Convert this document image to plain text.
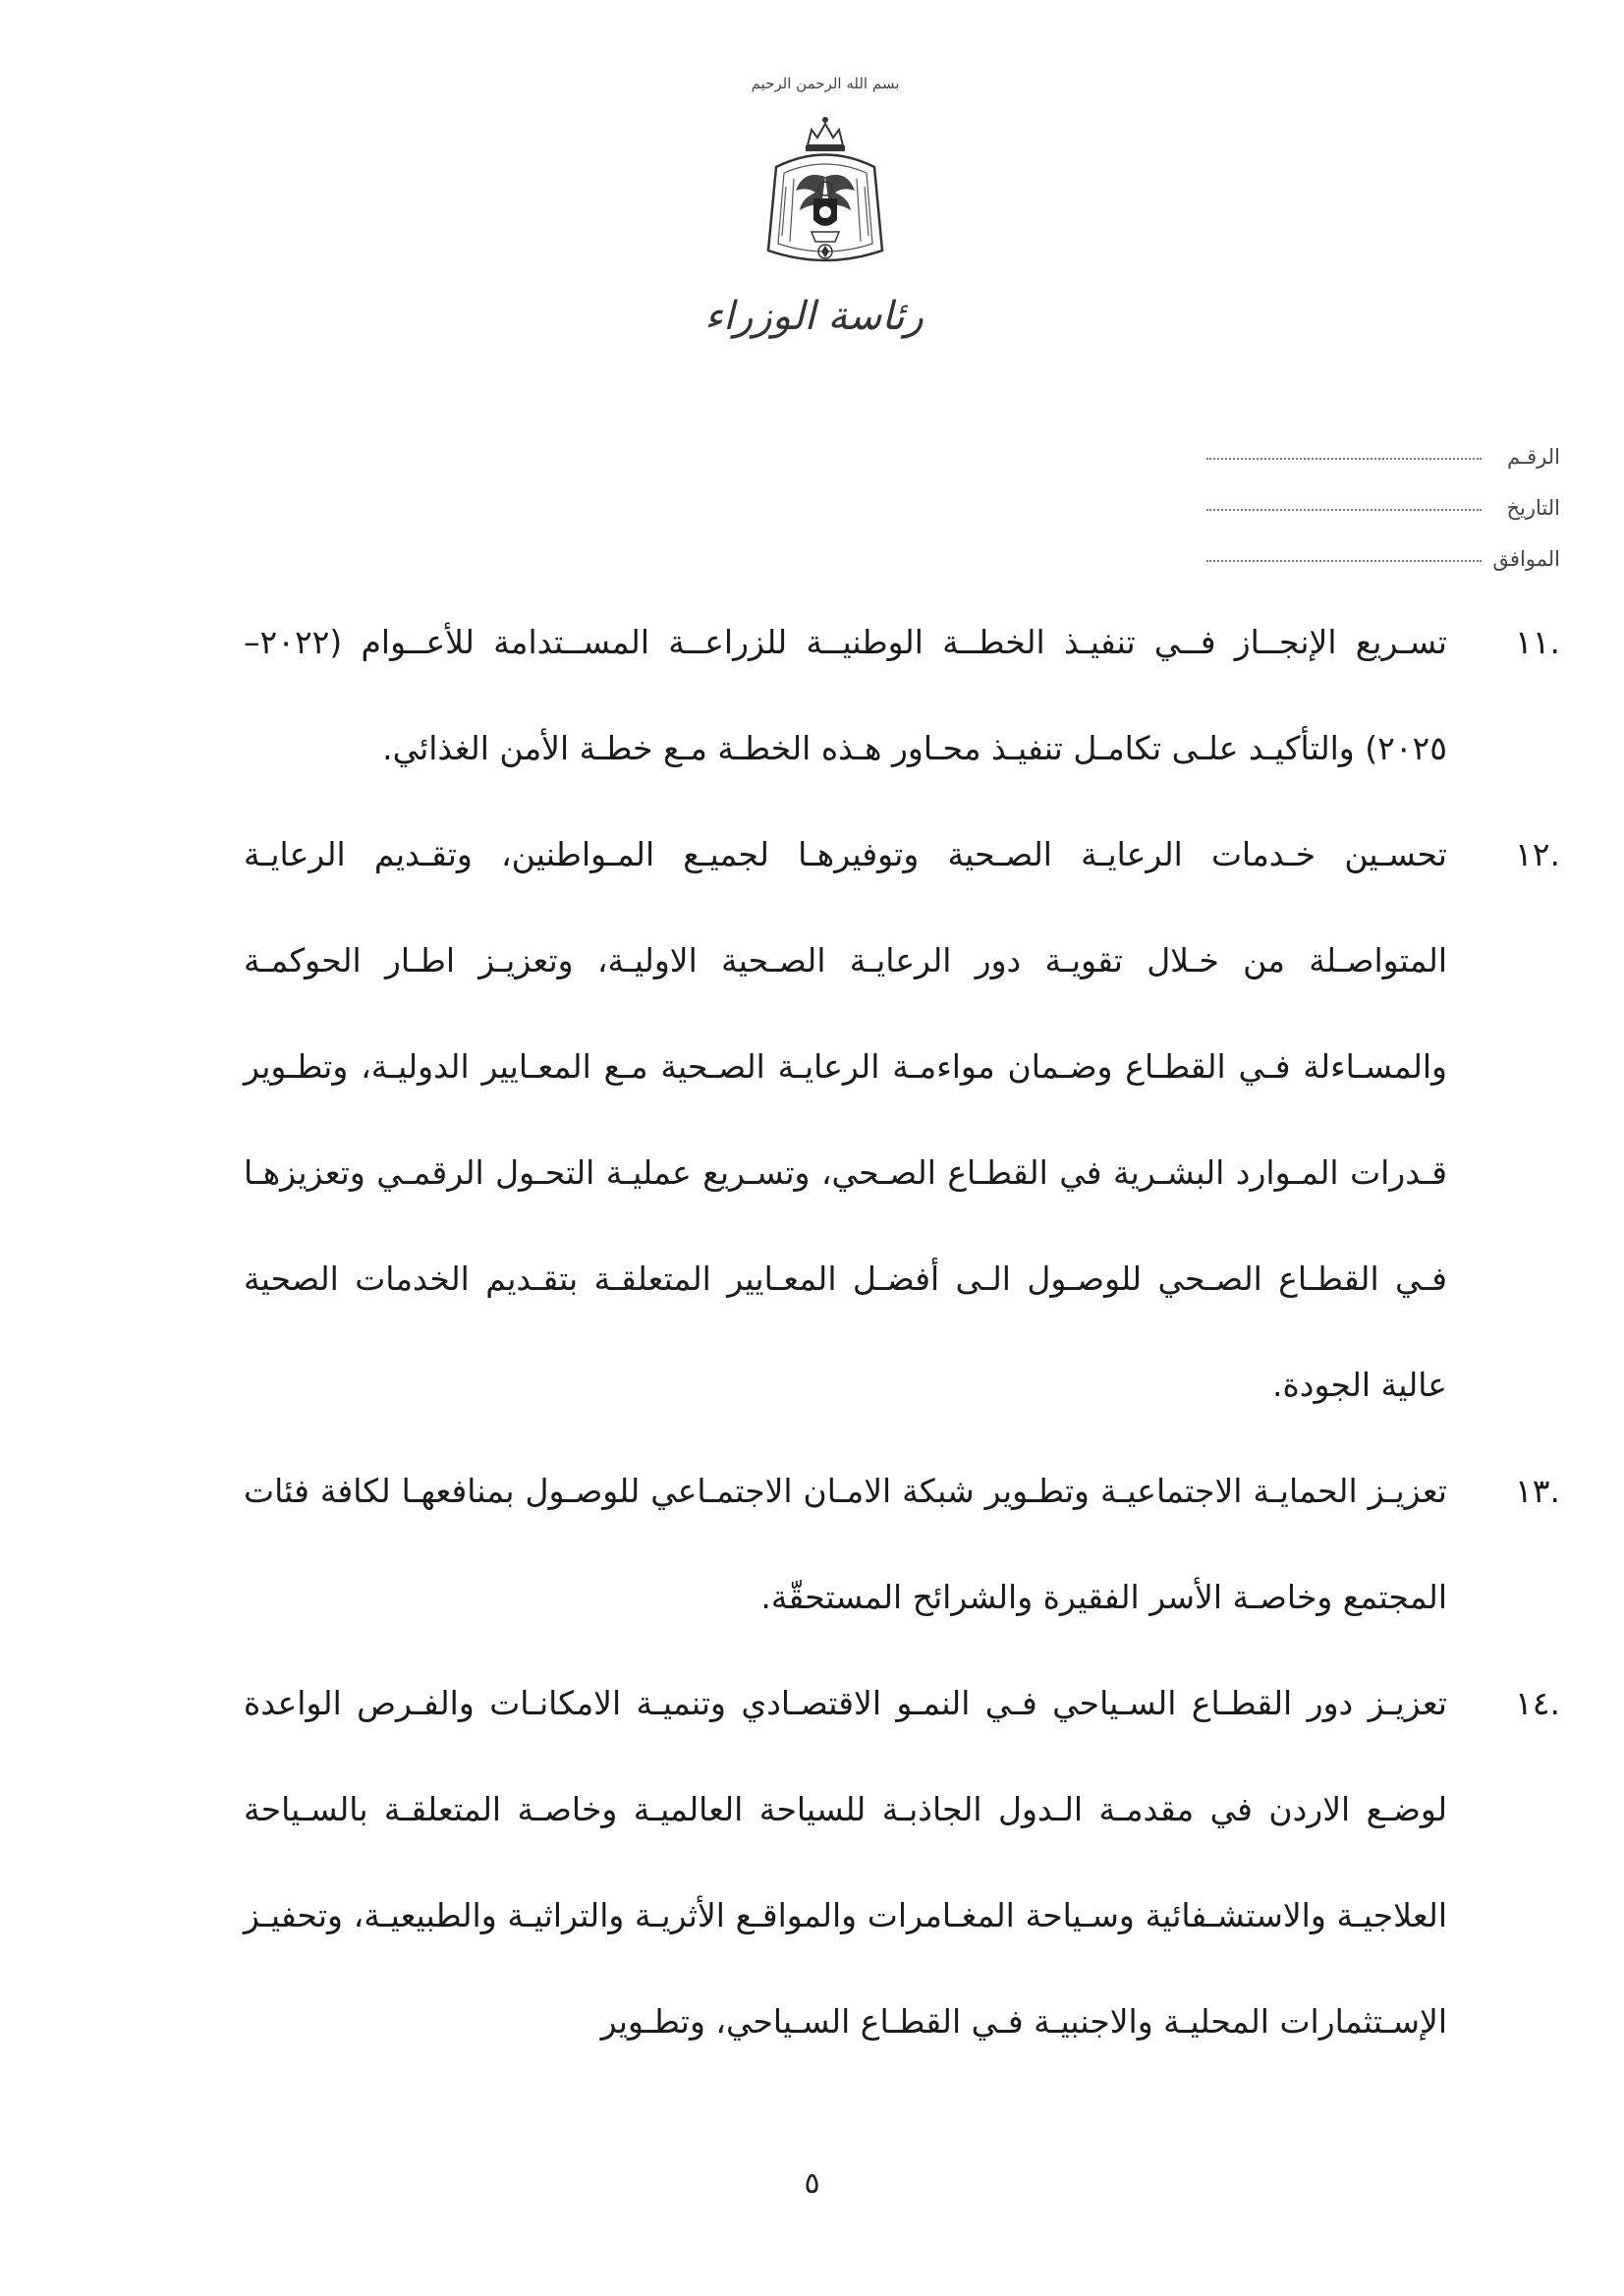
بسم الله الرحمن الرحيم
رئاسة الوزراء
الرقـم
التاريخ
الموافق
.١١

تسـريع الإنجــاز فــي تنفيـذ الخطــة الوطنيــة للزراعــة المســتدامة للأعــوام (٢٠٢٢– ٢٠٢٥) والتأكيـد علـى تكامـل تنفيـذ محـاور هـذه الخطـة مـع خطـة الأمن الغذائي.

.١٢

تحسـين خـدمات الرعايـة الصـحية وتوفيرهـا لجميـع المـواطنين، وتقـديم الرعايـة المتواصـلة من خـلال تقويـة دور الرعايـة الصـحية الاوليـة، وتعزيـز اطـار الحوكمـة والمسـاءلة فـي القطـاع وضـمان مواءمـة الرعايـة الصـحية مـع المعـايير الدوليـة، وتطـوير قـدرات المـوارد البشـرية في القطـاع الصـحي، وتسـريع عمليـة التحـول الرقمـي وتعزيزهـا فـي القطـاع الصـحي للوصـول الـى أفضـل المعـايير المتعلقـة بتقـديم الخدمات الصحية عالية الجودة.

.١٣

تعزيـز الحمايـة الاجتماعيـة وتطـوير شبكة الامـان الاجتمـاعي للوصـول بمنافعهـا لكافة فئات المجتمع وخاصـة الأسر الفقيرة والشرائح المستحقّة.

.١٤

تعزيـز دور القطـاع السـياحي فـي النمـو الاقتصـادي وتنميـة الامكانـات والفـرص الواعدة لوضـع الاردن في مقدمـة الـدول الجاذبـة للسياحة العالميـة وخاصـة المتعلقـة بالسـياحة العلاجيـة والاستشـفائية وسـياحة المغـامرات والمواقـع الأثريـة والتراثيـة والطبيعيـة، وتحفيـز الإسـتثمارات المحليـة والاجنبيـة فـي القطـاع السـياحي، وتطـوير

٥
